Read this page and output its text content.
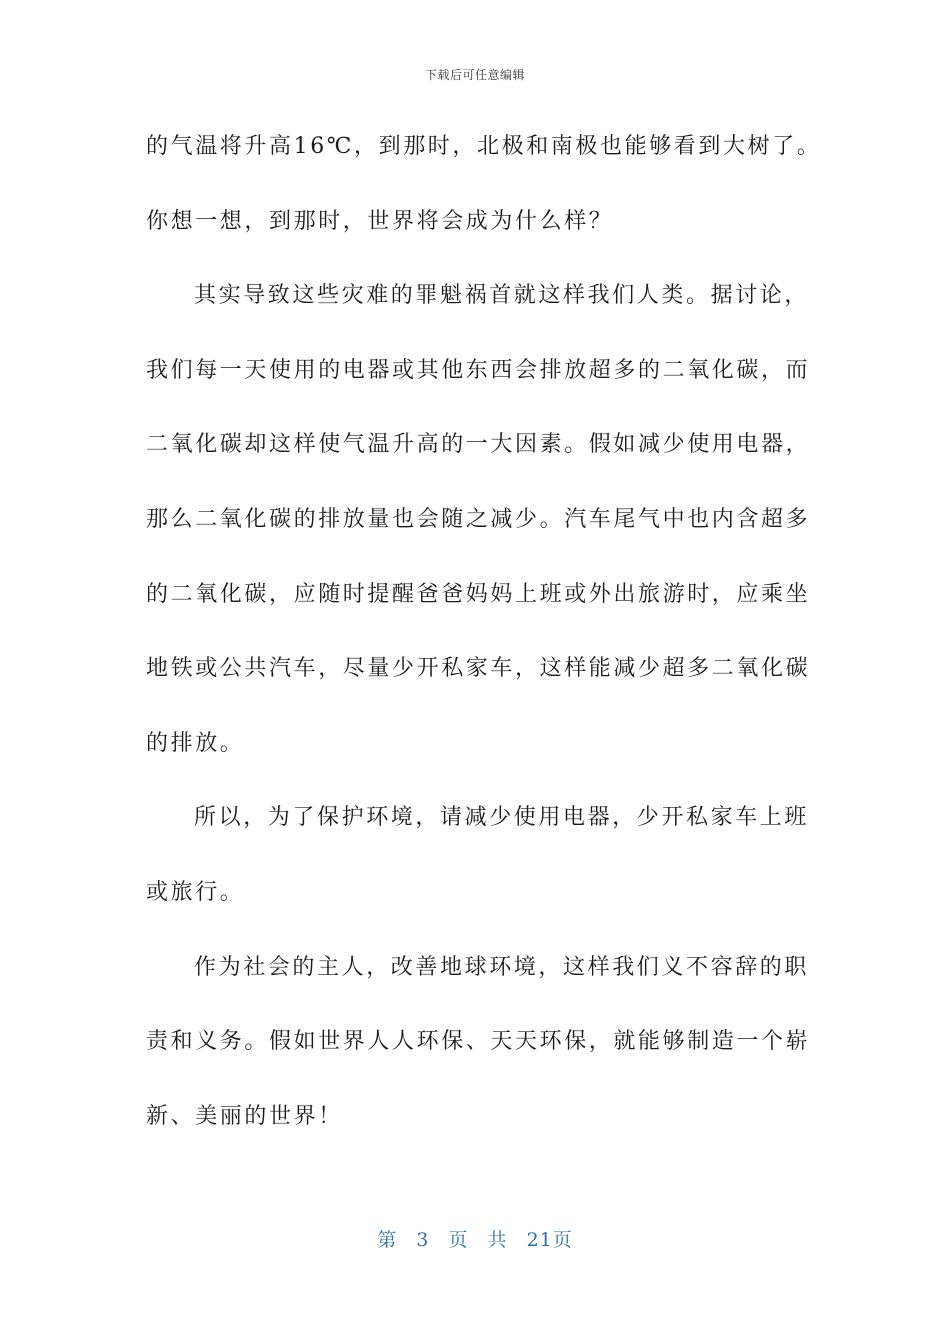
下载后可任意编辑
的气温将升高16℃，到那时，北极和南极也能够看到大树了。
你想一想，到那时，世界将会成为什么样？
其实导致这些灾难的罪魁祸首就这样我们人类。据讨论，
我们每一天使用的电器或其他东西会排放超多的二氧化碳，而
二氧化碳却这样使气温升高的一大因素。假如减少使用电器，
那么二氧化碳的排放量也会随之减少。汽车尾气中也内含超多
的二氧化碳，应随时提醒爸爸妈妈上班或外出旅游时，应乘坐
地铁或公共汽车，尽量少开私家车，这样能减少超多二氧化碳
的排放。
所以，为了保护环境，请减少使用电器，少开私家车上班
或旅行。
作为社会的主人，改善地球环境，这样我们义不容辞的职
责和义务。假如世界人人环保、天天环保，就能够制造一个崭
新、美丽的世界！
第 3 页 共 21页
